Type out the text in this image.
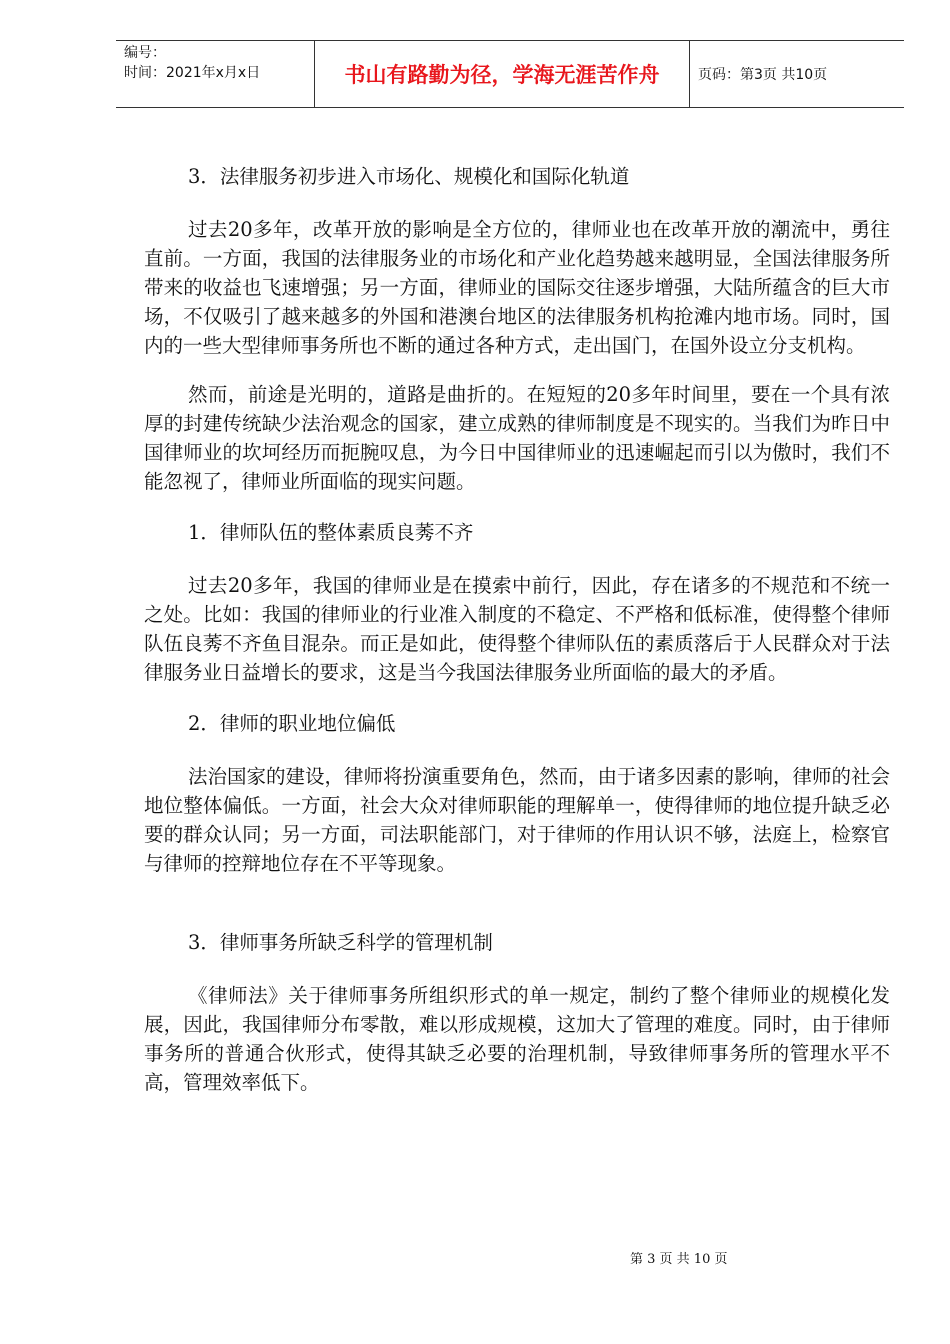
编号：
时间：2021年x月x日	书山有路勤为径，学海无涯苦作舟	页码：第3页 共10页

3．法律服务初步进入市场化、规模化和国际化轨道

过去20多年，改革开放的影响是全方位的，律师业也在改革开放的潮流中，勇往直前。一方面，我国的法律服务业的市场化和产业化趋势越来越明显，全国法律服务所带来的收益也飞速增强；另一方面，律师业的国际交往逐步增强，大陆所蕴含的巨大市场，不仅吸引了越来越多的外国和港澳台地区的法律服务机构抢滩内地市场。同时，国内的一些大型律师事务所也不断的通过各种方式，走出国门，在国外设立分支机构。

然而，前途是光明的，道路是曲折的。在短短的20多年时间里，要在一个具有浓厚的封建传统缺少法治观念的国家，建立成熟的律师制度是不现实的。当我们为昨日中国律师业的坎坷经历而扼腕叹息，为今日中国律师业的迅速崛起而引以为傲时，我们不能忽视了，律师业所面临的现实问题。

1．律师队伍的整体素质良莠不齐

过去20多年，我国的律师业是在摸索中前行，因此，存在诸多的不规范和不统一之处。比如：我国的律师业的行业准入制度的不稳定、不严格和低标准，使得整个律师队伍良莠不齐鱼目混杂。而正是如此，使得整个律师队伍的素质落后于人民群众对于法律服务业日益增长的要求，这是当今我国法律服务业所面临的最大的矛盾。

2．律师的职业地位偏低

法治国家的建设，律师将扮演重要角色，然而，由于诸多因素的影响，律师的社会地位整体偏低。一方面，社会大众对律师职能的理解单一，使得律师的地位提升缺乏必要的群众认同；另一方面，司法职能部门，对于律师的作用认识不够，法庭上，检察官与律师的控辩地位存在不平等现象。

3．律师事务所缺乏科学的管理机制

《律师法》关于律师事务所组织形式的单一规定，制约了整个律师业的规模化发展，因此，我国律师分布零散，难以形成规模，这加大了管理的难度。同时，由于律师事务所的普通合伙形式，使得其缺乏必要的治理机制，导致律师事务所的管理水平不高，管理效率低下。

第 3 页 共 10 页
